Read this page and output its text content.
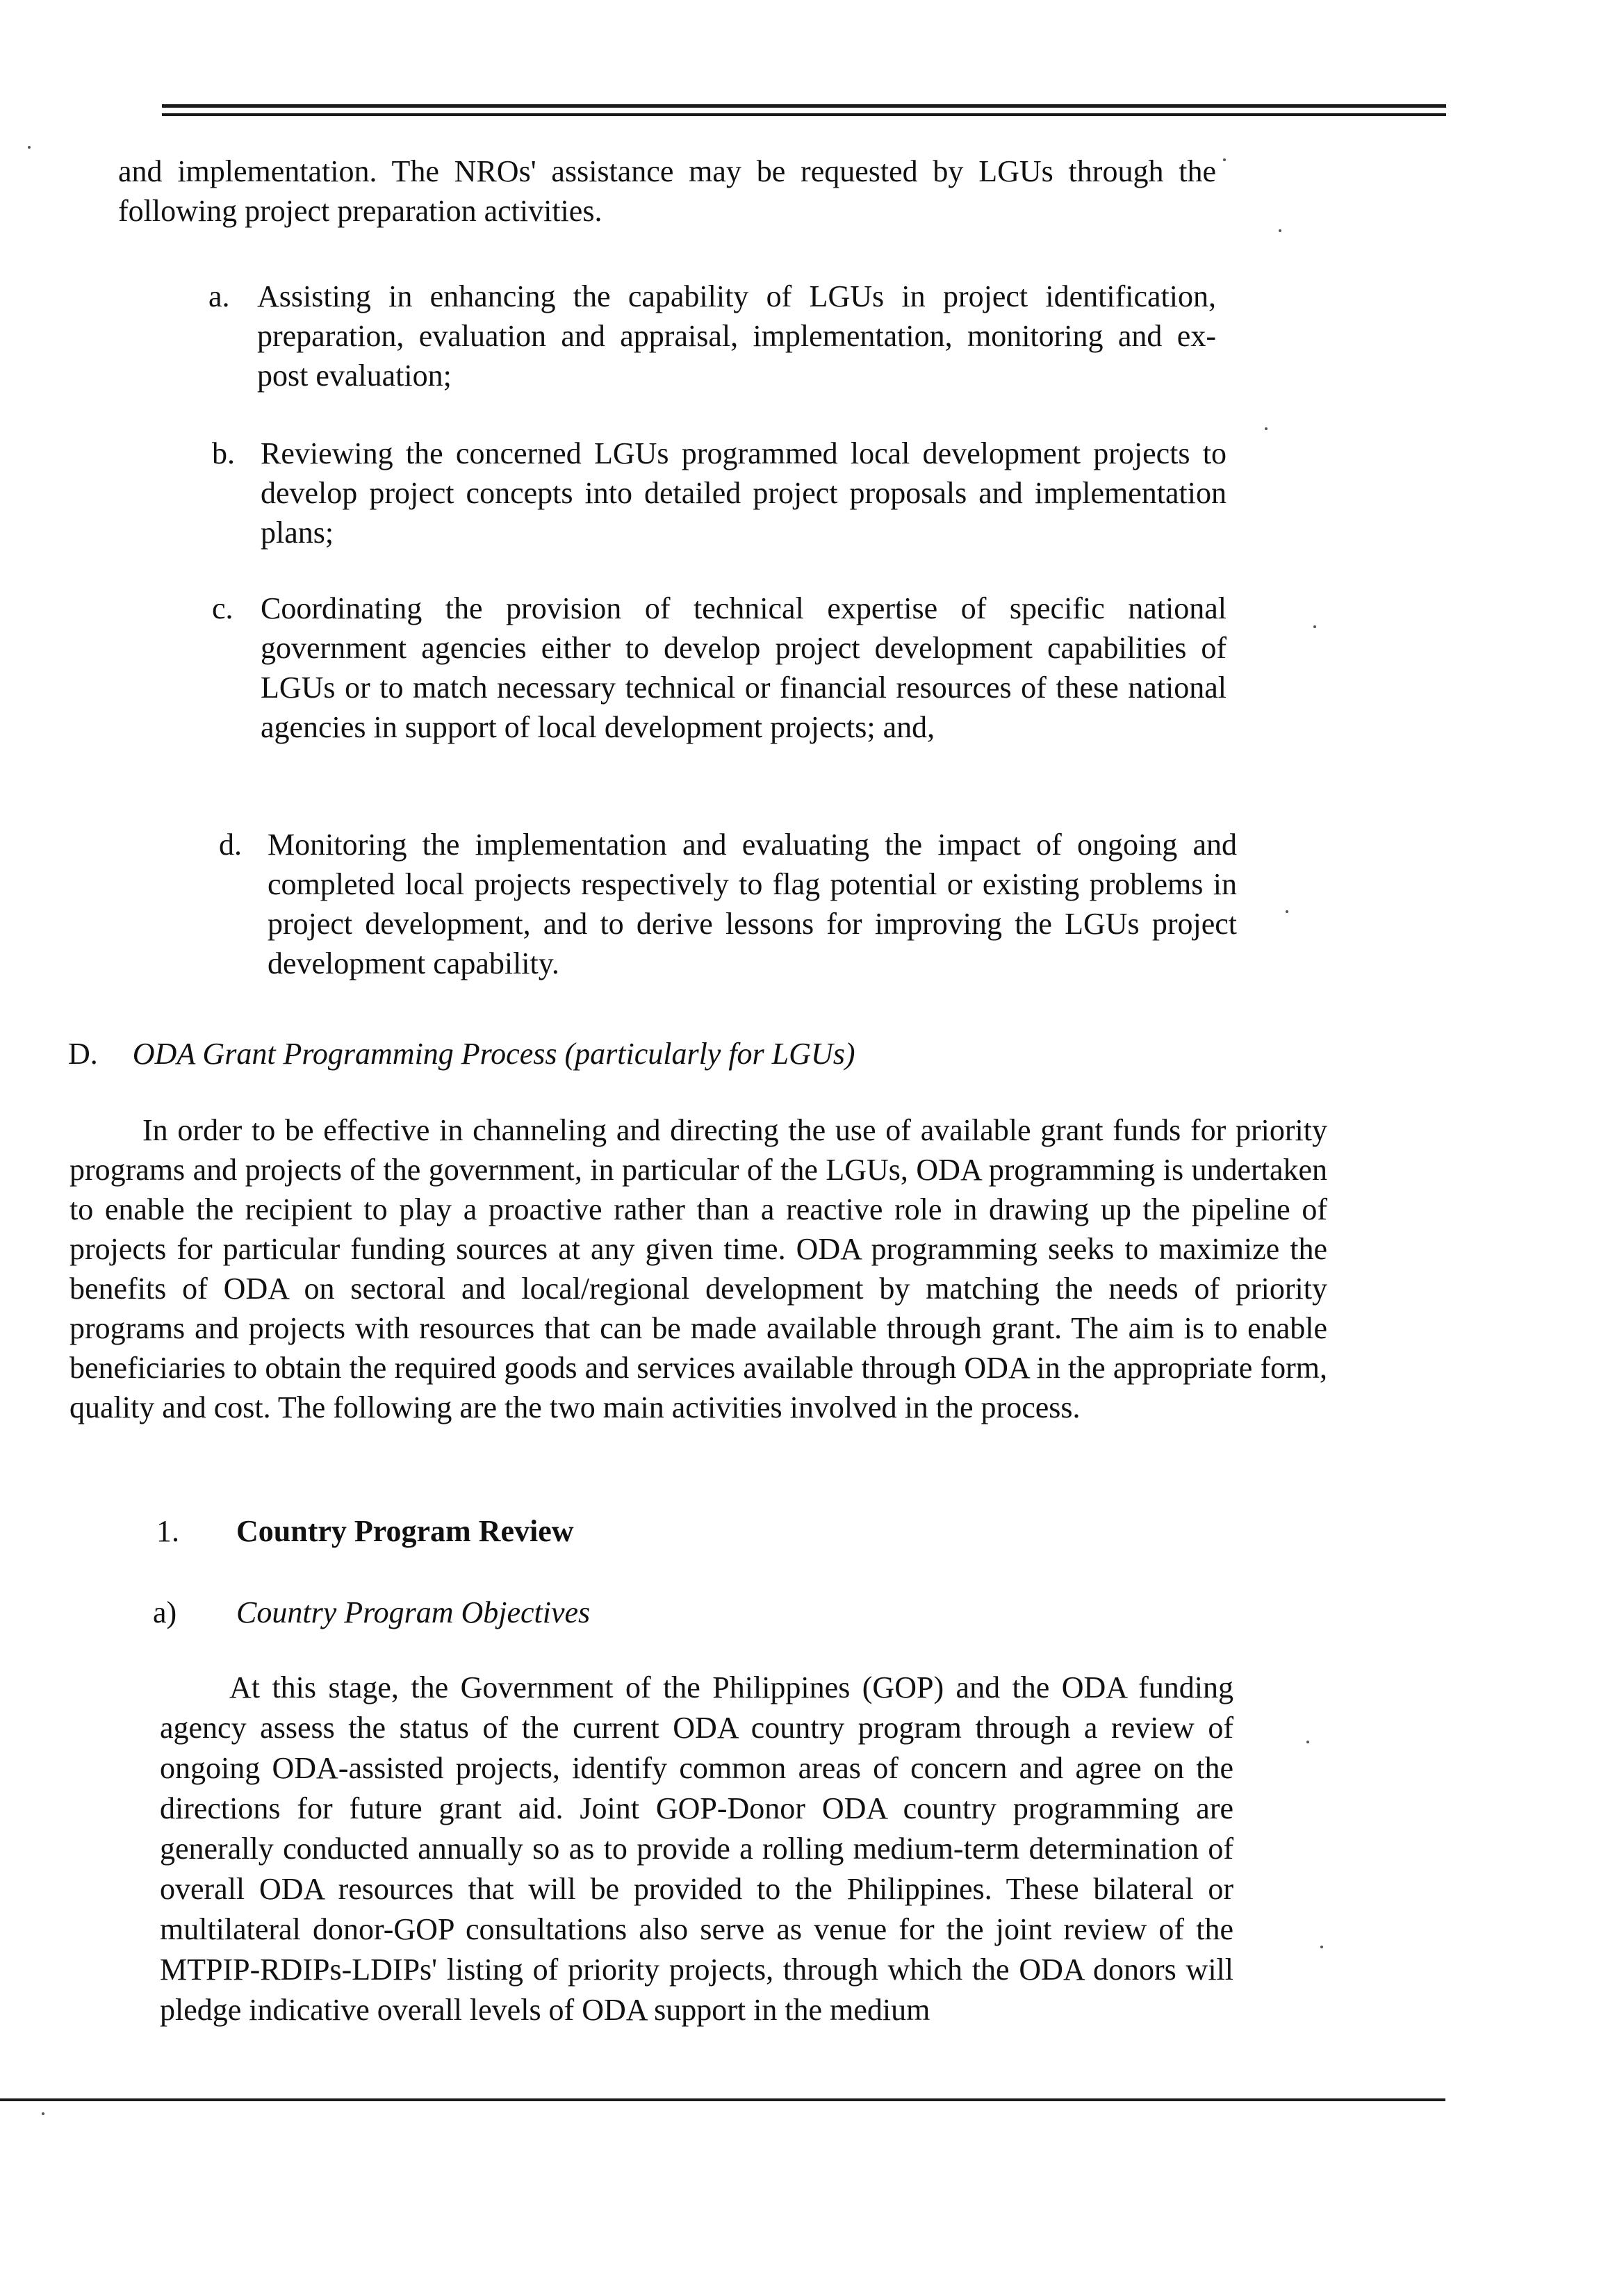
and implementation. The NROs' assistance may be requested by LGUs through the following project preparation activities.
a. Assisting in enhancing the capability of LGUs in project identification, preparation, evaluation and appraisal, implementation, monitoring and ex-post evaluation;
b. Reviewing the concerned LGUs programmed local development projects to develop project concepts into detailed project proposals and implementation plans;
c. Coordinating the provision of technical expertise of specific national government agencies either to develop project development capabilities of LGUs or to match necessary technical or financial resources of these national agencies in support of local development projects; and,
d. Monitoring the implementation and evaluating the impact of ongoing and completed local projects respectively to flag potential or existing problems in project development, and to derive lessons for improving the LGUs project development capability.
D. ODA Grant Programming Process (particularly for LGUs)
In order to be effective in channeling and directing the use of available grant funds for priority programs and projects of the government, in particular of the LGUs, ODA programming is undertaken to enable the recipient to play a proactive rather than a reactive role in drawing up the pipeline of projects for particular funding sources at any given time. ODA programming seeks to maximize the benefits of ODA on sectoral and local/regional development by matching the needs of priority programs and projects with resources that can be made available through grant. The aim is to enable beneficiaries to obtain the required goods and services available through ODA in the appropriate form, quality and cost. The following are the two main activities involved in the process.
1. Country Program Review
a) Country Program Objectives
At this stage, the Government of the Philippines (GOP) and the ODA funding agency assess the status of the current ODA country program through a review of ongoing ODA-assisted projects, identify common areas of concern and agree on the directions for future grant aid. Joint GOP-Donor ODA country programming are generally conducted annually so as to provide a rolling medium-term determination of overall ODA resources that will be provided to the Philippines. These bilateral or multilateral donor-GOP consultations also serve as venue for the joint review of the MTPIP-RDIPs-LDIPs' listing of priority projects, through which the ODA donors will pledge indicative overall levels of ODA support in the medium
